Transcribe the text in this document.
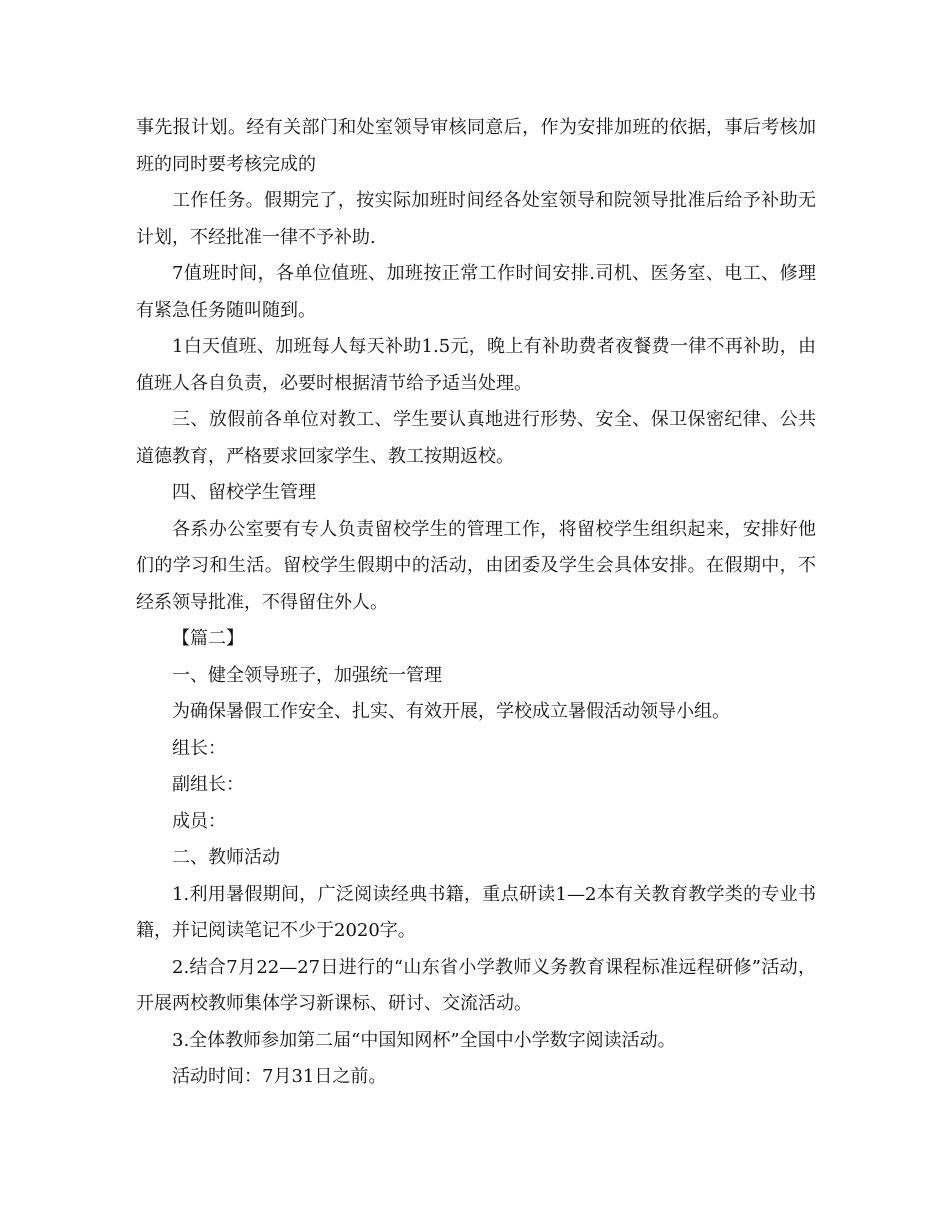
事先报计划。经有关部门和处室领导审核同意后，作为安排加班的依据，事后考核加班的同时要考核完成的

工作任务。假期完了，按实际加班时间经各处室领导和院领导批准后给予补助无计划，不经批准一律不予补助.

7值班时间，各单位值班、加班按正常工作时间安排.司机、医务室、电工、修理有紧急任务随叫随到。

1白天值班、加班每人每天补助1.5元，晚上有补助费者夜餐费一律不再补助，由值班人各自负责，必要时根据清节给予适当处理。

三、放假前各单位对教工、学生要认真地进行形势、安全、保卫保密纪律、公共道德教育，严格要求回家学生、教工按期返校。

四、留校学生管理

各系办公室要有专人负责留校学生的管理工作，将留校学生组织起来，安排好他们的学习和生活。留校学生假期中的活动，由团委及学生会具体安排。在假期中，不经系领导批准，不得留住外人。

【篇二】

一、健全领导班子，加强统一管理

为确保暑假工作安全、扎实、有效开展，学校成立暑假活动领导小组。

组长：

副组长：

成员：

二、教师活动

1.利用暑假期间，广泛阅读经典书籍，重点研读1—2本有关教育教学类的专业书籍，并记阅读笔记不少于2020字。

2.结合7月22—27日进行的“山东省小学教师义务教育课程标准远程研修”活动，开展两校教师集体学习新课标、研讨、交流活动。

3.全体教师参加第二届“中国知网杯”全国中小学数字阅读活动。

活动时间：7月31日之前。
